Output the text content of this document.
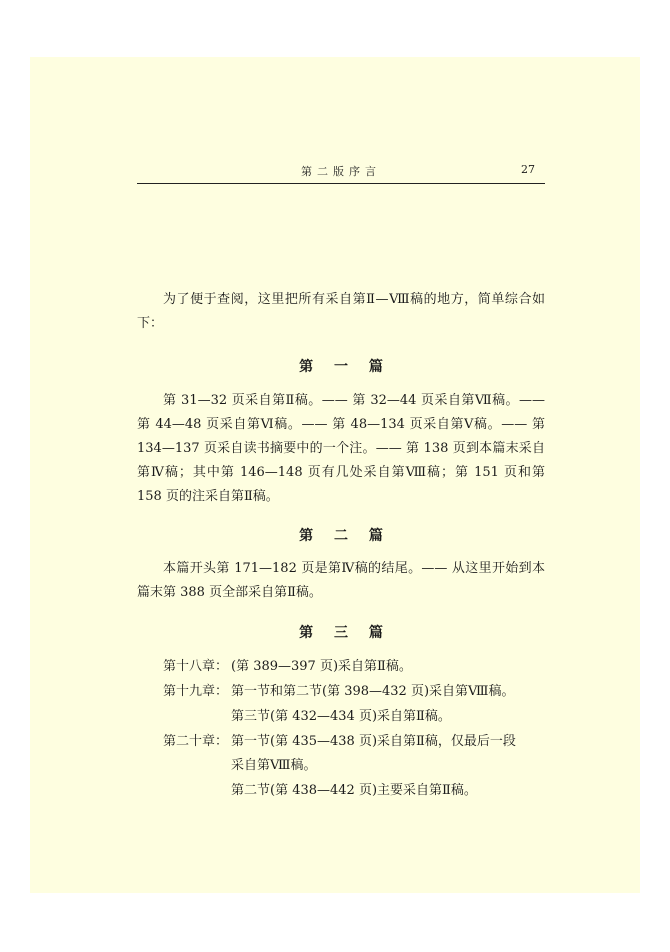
第二版序言	27

为了便于查阅，这里把所有采自第Ⅱ—Ⅷ稿的地方，简单综合如下：

第 一 篇

第 31—32 页采自第Ⅱ稿。—— 第 32—44 页采自第Ⅶ稿。—— 第 44—48 页采自第Ⅵ稿。—— 第 48—134 页采自第Ⅴ稿。—— 第 134—137 页采自读书摘要中的一个注。—— 第 138 页到本篇末采自第Ⅳ稿；其中第 146—148 页有几处采自第Ⅷ稿；第 151 页和第 158 页的注采自第Ⅱ稿。

第 二 篇

本篇开头第 171—182 页是第Ⅳ稿的结尾。—— 从这里开始到本篇末第 388 页全部采自第Ⅱ稿。

第 三 篇
第十八章： (第 389—397 页)采自第Ⅱ稿。
第十九章： 第一节和第二节(第 398—432 页)采自第Ⅷ稿。
第三节(第 432—434 页)采自第Ⅱ稿。
第二十章： 第一节(第 435—438 页)采自第Ⅱ稿，仅最后一段
采自第Ⅷ稿。
第二节(第 438—442 页)主要采自第Ⅱ稿。
